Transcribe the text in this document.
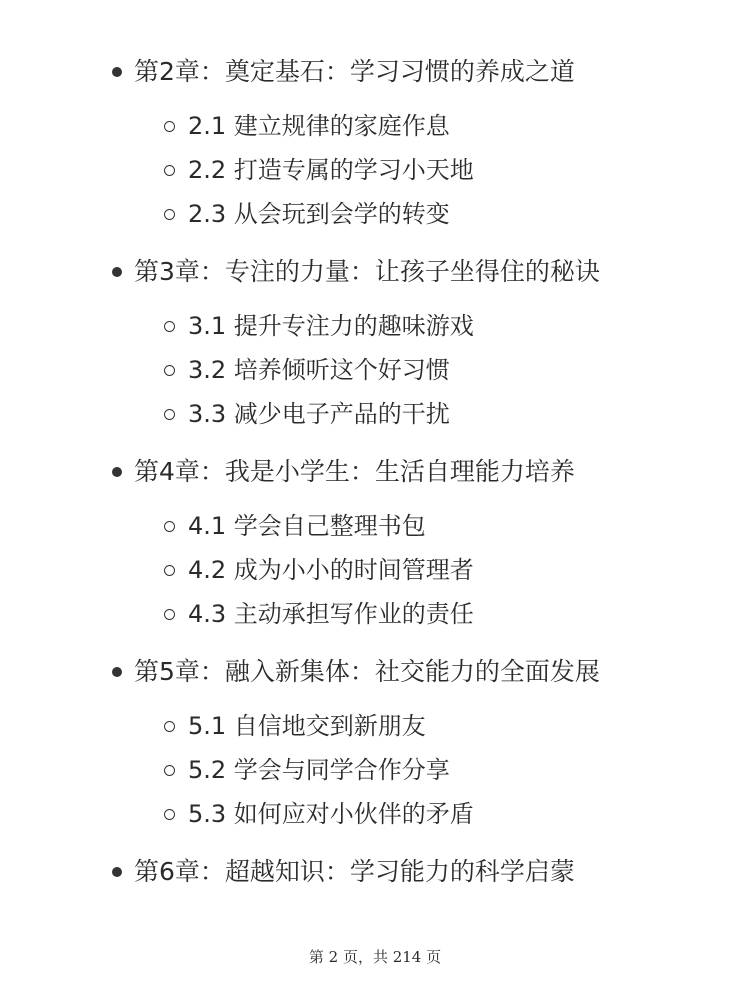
第2章：奠定基石：学习习惯的养成之道
2.1 建立规律的家庭作息
2.2 打造专属的学习小天地
2.3 从会玩到会学的转变
第3章：专注的力量：让孩子坐得住的秘诀
3.1 提升专注力的趣味游戏
3.2 培养倾听这个好习惯
3.3 减少电子产品的干扰
第4章：我是小学生：生活自理能力培养
4.1 学会自己整理书包
4.2 成为小小的时间管理者
4.3 主动承担写作业的责任
第5章：融入新集体：社交能力的全面发展
5.1 自信地交到新朋友
5.2 学会与同学合作分享
5.3 如何应对小伙伴的矛盾
第6章：超越知识：学习能力的科学启蒙
第 2 页，共 214 页
